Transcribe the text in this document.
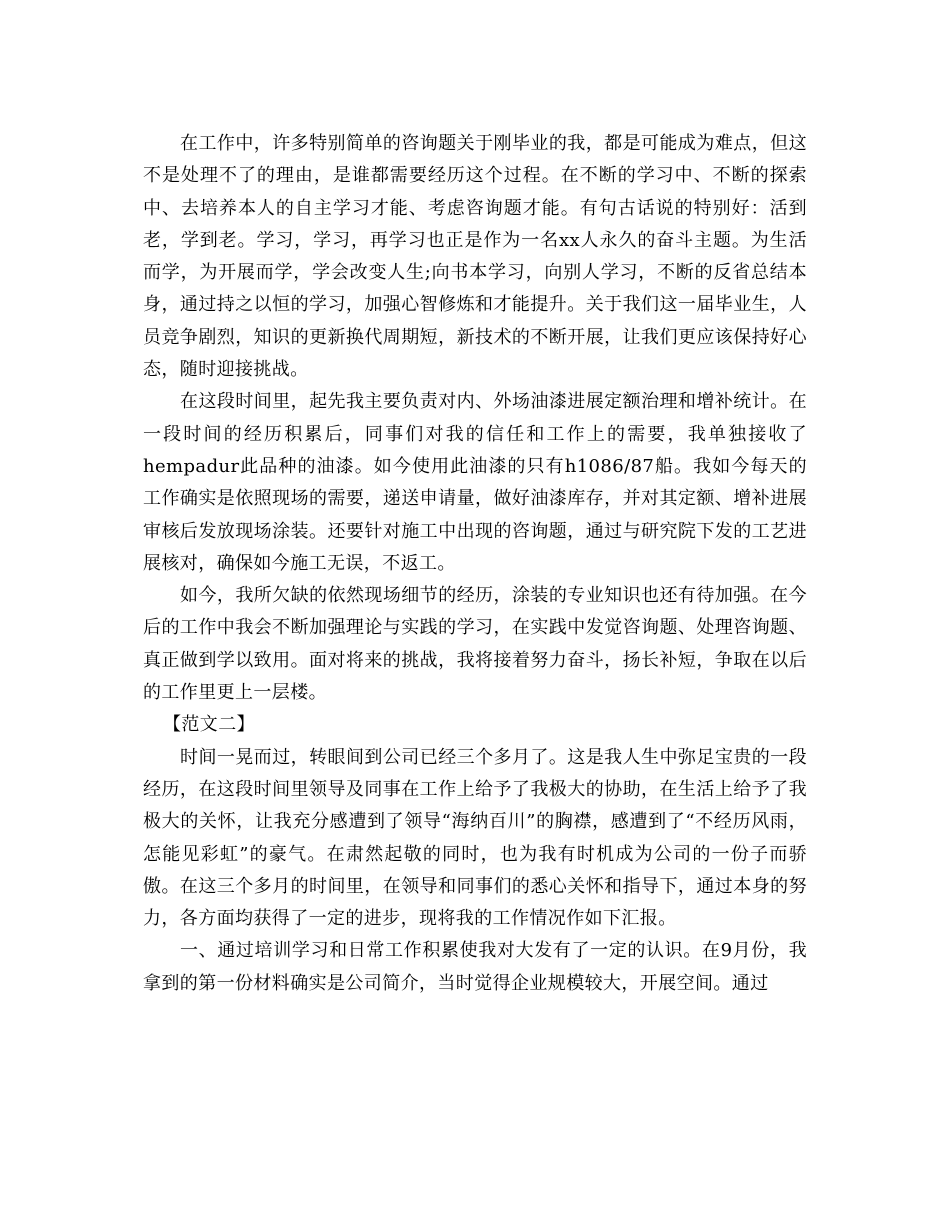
在工作中，许多特别简单的咨询题关于刚毕业的我，都是可能成为难点，但这不是处理不了的理由，是谁都需要经历这个过程。在不断的学习中、不断的探索中、去培养本人的自主学习才能、考虑咨询题才能。有句古话说的特别好：活到老，学到老。学习，学习，再学习也正是作为一名xx人永久的奋斗主题。为生活而学，为开展而学，学会改变人生;向书本学习，向别人学习，不断的反省总结本身，通过持之以恒的学习，加强心智修炼和才能提升。关于我们这一届毕业生，人员竞争剧烈，知识的更新换代周期短，新技术的不断开展，让我们更应该保持好心态，随时迎接挑战。

在这段时间里，起先我主要负责对内、外场油漆进展定额治理和增补统计。在一段时间的经历积累后，同事们对我的信任和工作上的需要，我单独接收了hempadur此品种的油漆。如今使用此油漆的只有h1086/87船。我如今每天的工作确实是依照现场的需要，递送申请量，做好油漆库存，并对其定额、增补进展审核后发放现场涂装。还要针对施工中出现的咨询题，通过与研究院下发的工艺进展核对，确保如今施工无误，不返工。

如今，我所欠缺的依然现场细节的经历，涂装的专业知识也还有待加强。在今后的工作中我会不断加强理论与实践的学习，在实践中发觉咨询题、处理咨询题、真正做到学以致用。面对将来的挑战，我将接着努力奋斗，扬长补短，争取在以后的工作里更上一层楼。

【范文二】

时间一晃而过，转眼间到公司已经三个多月了。这是我人生中弥足宝贵的一段经历，在这段时间里领导及同事在工作上给予了我极大的协助，在生活上给予了我极大的关怀，让我充分感遭到了领导“海纳百川”的胸襟，感遭到了“不经历风雨，怎能见彩虹”的豪气。在肃然起敬的同时，也为我有时机成为公司的一份子而骄傲。在这三个多月的时间里，在领导和同事们的悉心关怀和指导下，通过本身的努力，各方面均获得了一定的进步，现将我的工作情况作如下汇报。

一、通过培训学习和日常工作积累使我对大发有了一定的认识。在9月份，我拿到的第一份材料确实是公司简介，当时觉得企业规模较大，开展空间。通过
